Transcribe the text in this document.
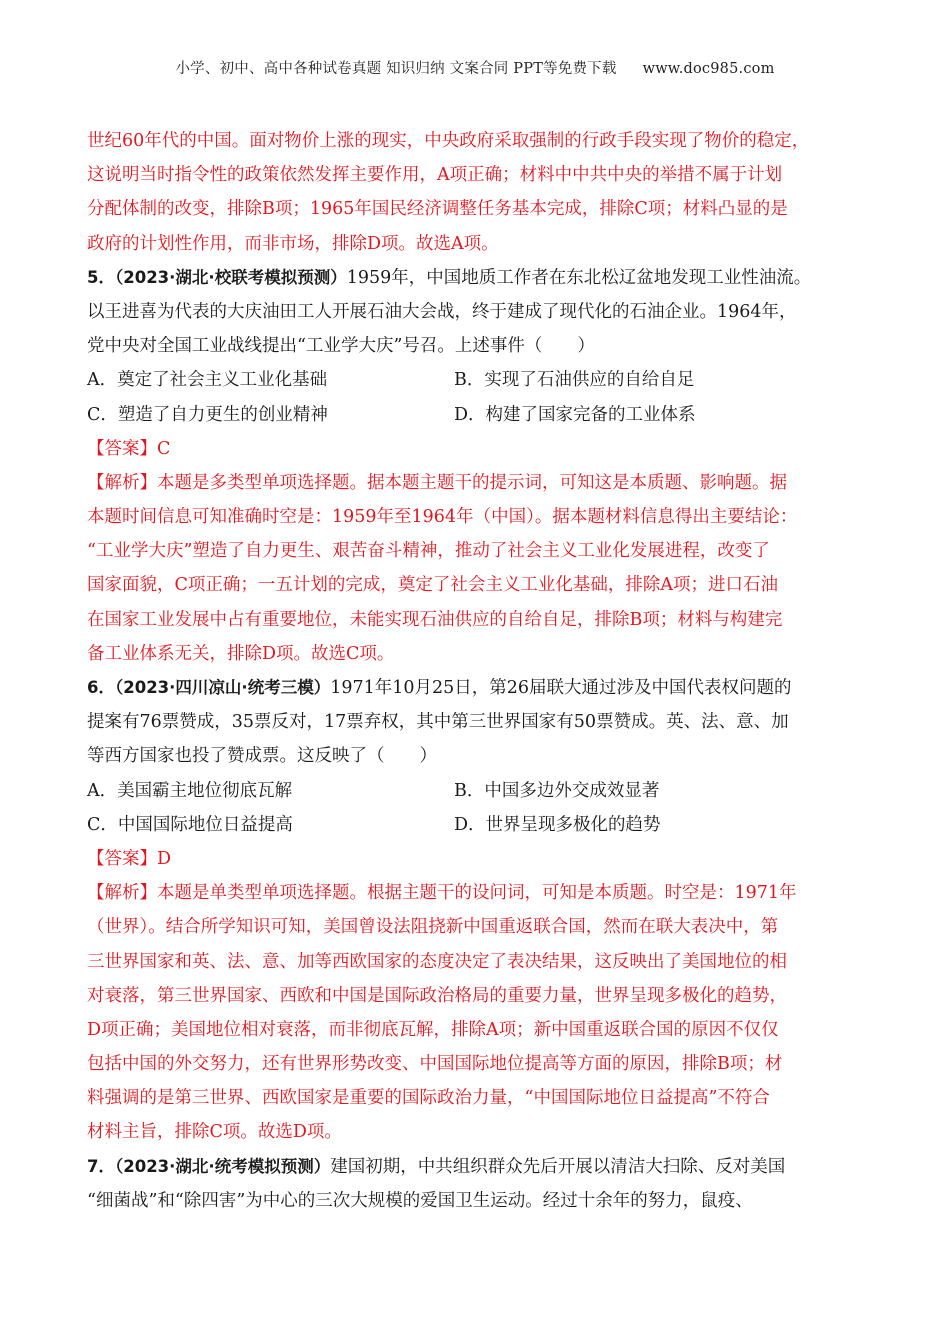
小学、初中、高中各种试卷真题 知识归纳 文案合同 PPT等免费下载 www.doc985.com
世纪60年代的中国。面对物价上涨的现实，中央政府采取强制的行政手段实现了物价的稳定，
这说明当时指令性的政策依然发挥主要作用，A项正确；材料中中共中央的举措不属于计划
分配体制的改变，排除B项；1965年国民经济调整任务基本完成，排除C项；材料凸显的是
政府的计划性作用，而非市场，排除D项。故选A项。
5．（2023·湖北·校联考模拟预测）1959年，中国地质工作者在东北松辽盆地发现工业性油流。
以王进喜为代表的大庆油田工人开展石油大会战，终于建成了现代化的石油企业。1964年，
党中央对全国工业战线提出“工业学大庆”号召。上述事件（　　）
A．奠定了社会主义工业化基础	B．实现了石油供应的自给自足
C．塑造了自力更生的创业精神	D．构建了国家完备的工业体系
【答案】C
【解析】本题是多类型单项选择题。据本题主题干的提示词，可知这是本质题、影响题。据
本题时间信息可知准确时空是：1959年至1964年（中国）。据本题材料信息得出主要结论：
“工业学大庆”塑造了自力更生、艰苦奋斗精神，推动了社会主义工业化发展进程，改变了
国家面貌，C项正确；一五计划的完成，奠定了社会主义工业化基础，排除A项；进口石油
在国家工业发展中占有重要地位，未能实现石油供应的自给自足，排除B项；材料与构建完
备工业体系无关，排除D项。故选C项。
6．（2023·四川凉山·统考三模）1971年10月25日，第26届联大通过涉及中国代表权问题的
提案有76票赞成，35票反对，17票弃权，其中第三世界国家有50票赞成。英、法、意、加
等西方国家也投了赞成票。这反映了（　　）
A．美国霸主地位彻底瓦解	B．中国多边外交成效显著
C．中国国际地位日益提高	D．世界呈现多极化的趋势
【答案】D
【解析】本题是单类型单项选择题。根据主题干的设问词，可知是本质题。时空是：1971年
（世界）。结合所学知识可知，美国曾设法阻挠新中国重返联合国，然而在联大表决中，第
三世界国家和英、法、意、加等西欧国家的态度决定了表决结果，这反映出了美国地位的相
对衰落，第三世界国家、西欧和中国是国际政治格局的重要力量，世界呈现多极化的趋势，
D项正确；美国地位相对衰落，而非彻底瓦解，排除A项；新中国重返联合国的原因不仅仅
包括中国的外交努力，还有世界形势改变、中国国际地位提高等方面的原因，排除B项；材
料强调的是第三世界、西欧国家是重要的国际政治力量，“中国国际地位日益提高”不符合
材料主旨，排除C项。故选D项。
7．（2023·湖北·统考模拟预测）建国初期，中共组织群众先后开展以清洁大扫除、反对美国
“细菌战”和“除四害”为中心的三次大规模的爱国卫生运动。经过十余年的努力，鼠疫、
